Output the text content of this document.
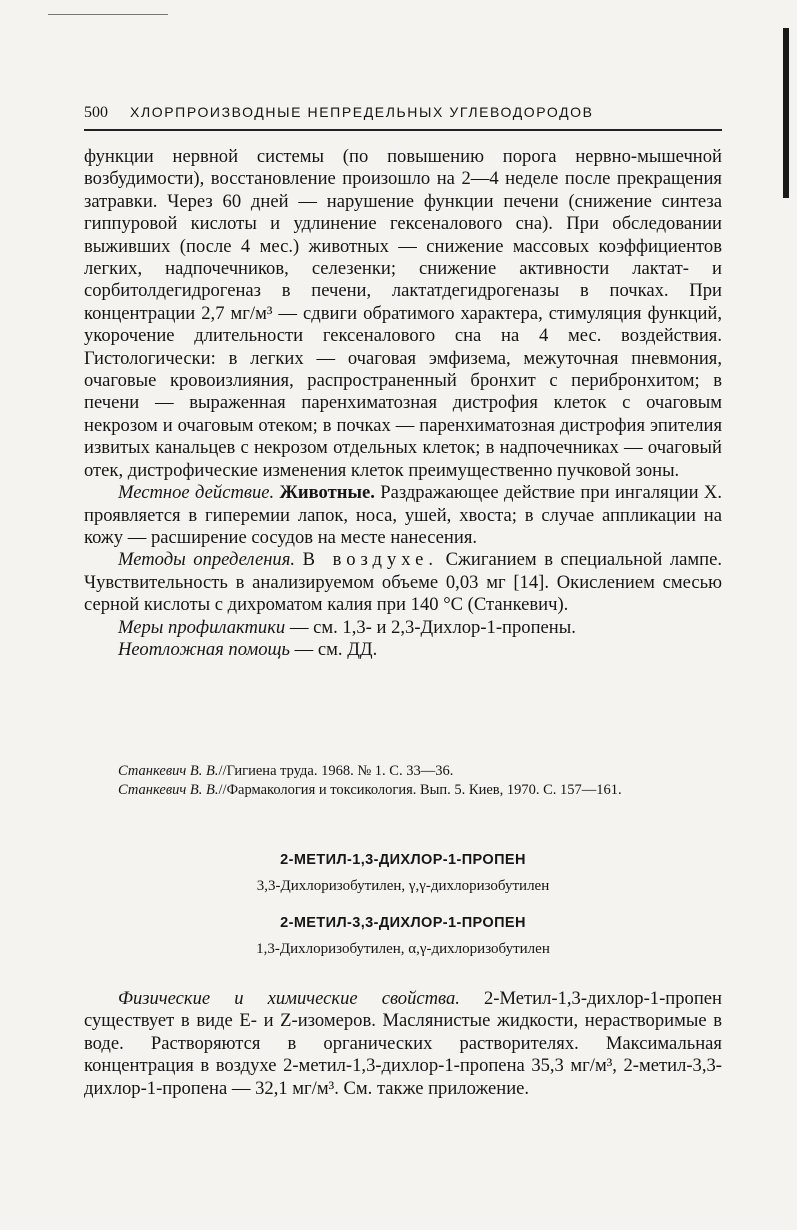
500 ХЛОРПРОИЗВОДНЫЕ НЕПРЕДЕЛЬНЫХ УГЛЕВОДОРОДОВ

функции нервной системы (по повышению порога нервно-мышечной возбудимости), восстановление произошло на 2—4 неделе после прекращения затравки. Через 60 дней — нарушение функции печени (снижение синтеза гиппуровой кислоты и удлинение гексеналового сна). При обследовании выживших (после 4 мес.) животных — снижение массовых коэффициентов легких, надпочечников, селезенки; снижение активности лактат- и сорбитолдегидрогеназ в печени, лактатдегидрогеназы в почках. При концентрации 2,7 мг/м³ — сдвиги обратимого характера, стимуляция функций, укорочение длительности гексеналового сна на 4 мес. воздействия. Гистологически: в легких — очаговая эмфизема, межуточная пневмония, очаговые кровоизлияния, распространенный бронхит с перибронхитом; в печени — выраженная паренхиматозная дистрофия клеток с очаговым некрозом и очаговым отеком; в почках — паренхиматозная дистрофия эпителия извитых канальцев с некрозом отдельных клеток; в надпочечниках — очаговый отек, дистрофические изменения клеток преимущественно пучковой зоны.

Местное действие. Животные. Раздражающее действие при ингаляции X. проявляется в гиперемии лапок, носа, ушей, хвоста; в случае аппликации на кожу — расширение сосудов на месте нанесения.

Методы определения. В воздухе. Сжиганием в специальной лампе. Чувствительность в анализируемом объеме 0,03 мг [14]. Окислением смесью серной кислоты с дихроматом калия при 140 °C (Станкевич).

Меры профилактики — см. 1,3- и 2,3-Дихлор-1-пропены.

Неотложная помощь — см. ДД.

Станкевич В. В.//Гигиена труда. 1968. № 1. С. 33—36.

Станкевич В. В.//Фармакология и токсикология. Вып. 5. Киев, 1970. С. 157—161.

2-МЕТИЛ-1,3-ДИХЛОР-1-ПРОПЕН
3,3-Дихлоризобутилен, γ,γ-дихлоризобутилен
2-МЕТИЛ-3,3-ДИХЛОР-1-ПРОПЕН
1,3-Дихлоризобутилен, α,γ-дихлоризобутилен

Физические и химические свойства. 2-Метил-1,3-дихлор-1-пропен существует в виде E- и Z-изомеров. Маслянистые жидкости, нерастворимые в воде. Растворяются в органических растворителях. Максимальная концентрация в воздухе 2-метил-1,3-дихлор-1-пропена 35,3 мг/м³, 2-метил-3,3-дихлор-1-пропена — 32,1 мг/м³. См. также приложение.
